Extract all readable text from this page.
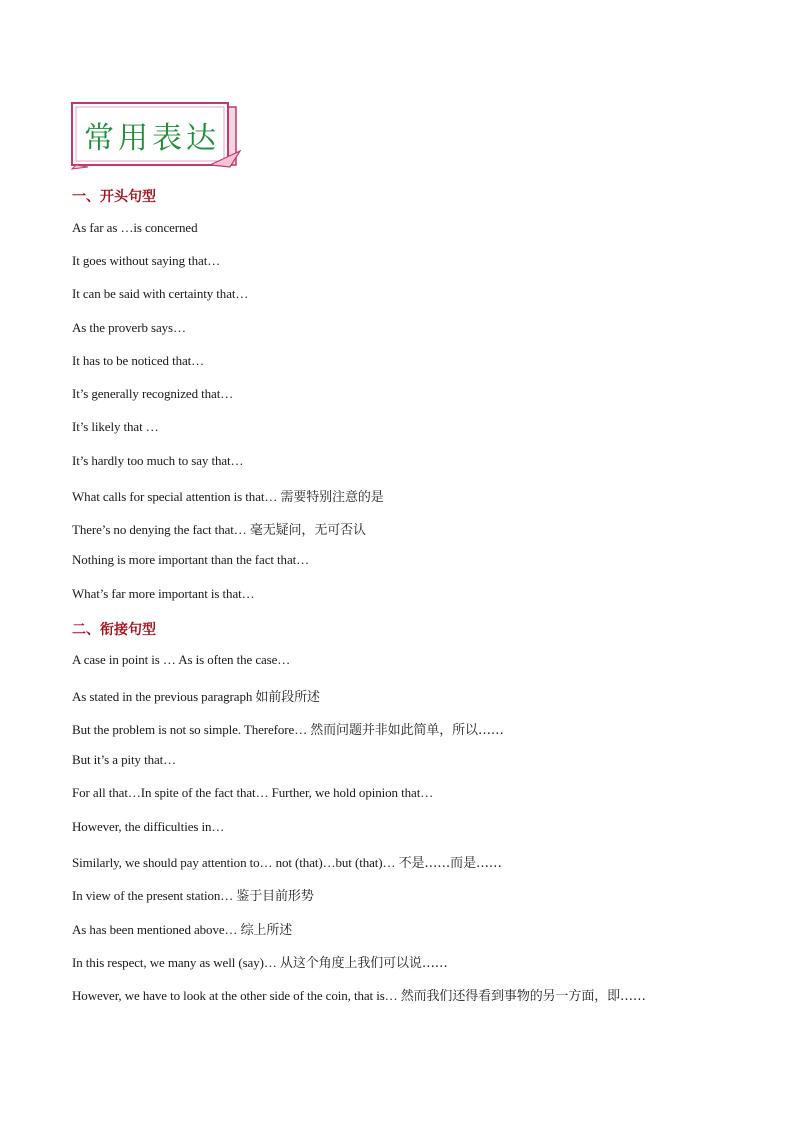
常用表达
一、开头句型
As far as …is concerned
It goes without saying that…
It can be said with certainty that…
As the proverb says…
It has to be noticed that…
It’s generally recognized that…
It’s likely that …
It’s hardly too much to say that…
What calls for special attention is that… 需要特别注意的是
There’s no denying the fact that… 毫无疑问，无可否认
Nothing is more important than the fact that…
What’s far more important is that…
二、衔接句型
A case in point is … As is often the case…
As stated in the previous paragraph 如前段所述
But the problem is not so simple. Therefore… 然而问题并非如此简单，所以……
But it’s a pity that…
For all that…In spite of the fact that… Further, we hold opinion that…
However, the difficulties in…
Similarly, we should pay attention to… not (that)…but (that)… 不是……而是……
In view of the present station… 鉴于目前形势
As has been mentioned above… 综上所述
In this respect, we many as well (say)… 从这个角度上我们可以说……
However, we have to look at the other side of the coin, that is… 然而我们还得看到事物的另一方面，即……
